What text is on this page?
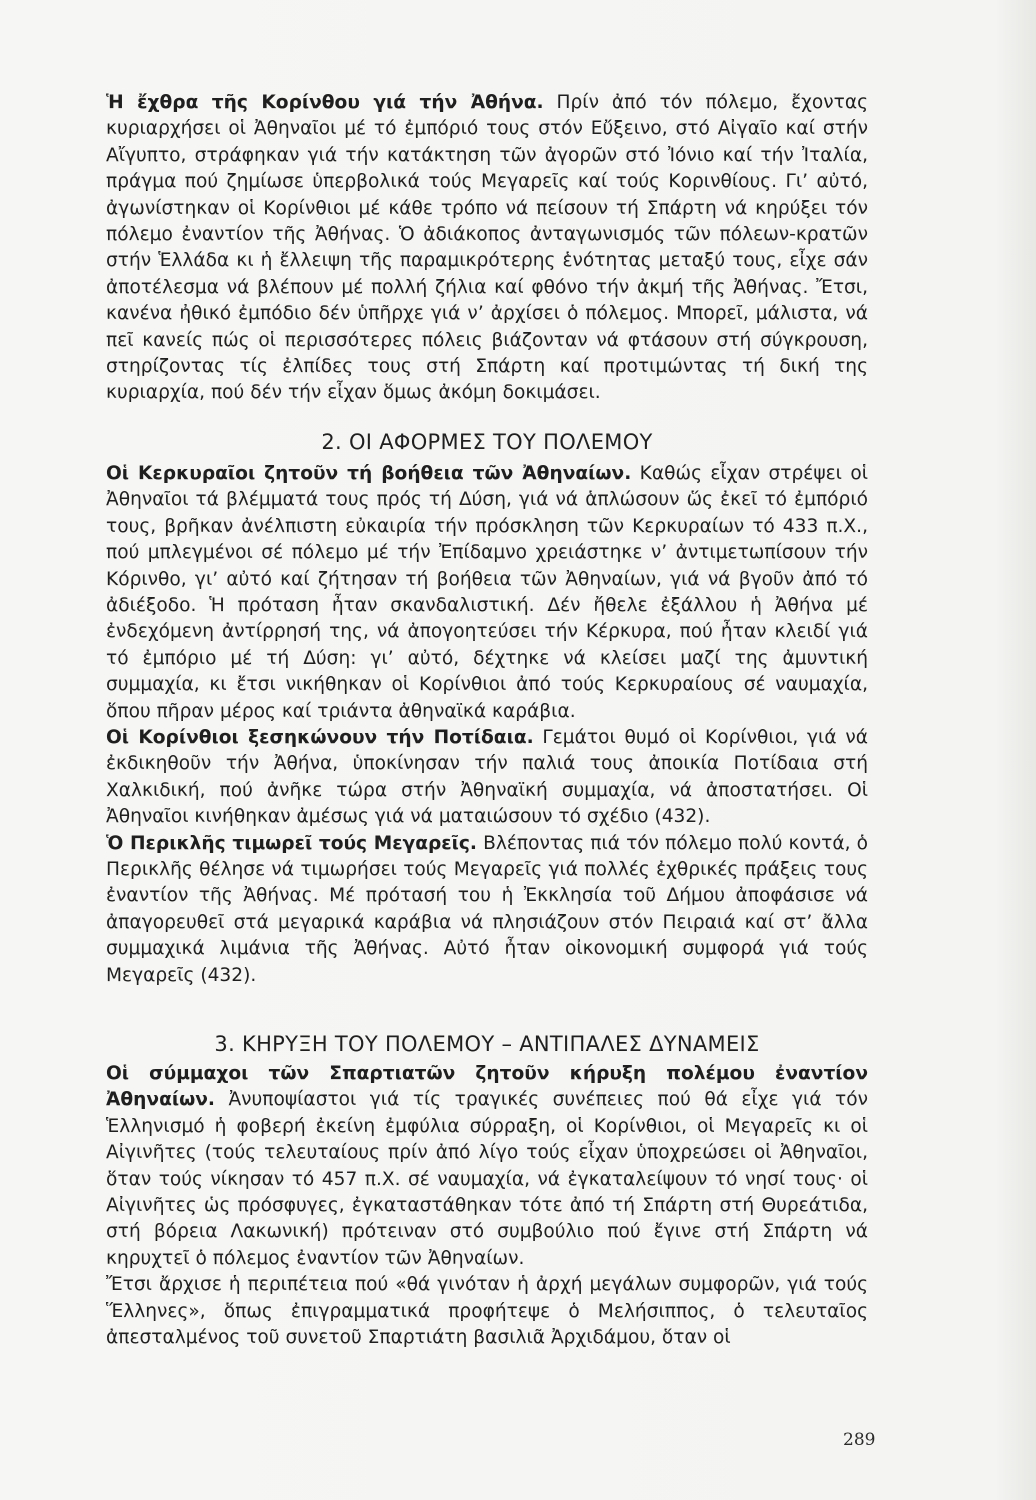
Ἡ ἔχθρα τῆς Κορίνθου γιά τήν Ἀθήνα. Πρίν ἀπό τόν πόλεμο, ἔχοντας κυριαρχήσει οἱ Ἀθηναῖοι μέ τό ἐμπόριό τους στόν Εὔξεινο, στό Αἰγαῖο καί στήν Αἴγυπτο, στράφηκαν γιά τήν κατάκτηση τῶν ἀγορῶν στό Ἰόνιο καί τήν Ἰταλία, πράγμα πού ζημίωσε ὑπερβολικά τούς Μεγαρεῖς καί τούς Κορινθίους. Γι’ αὐτό, ἀγωνίστηκαν οἱ Κορίνθιοι μέ κάθε τρόπο νά πείσουν τή Σπάρτη νά κηρύξει τόν πόλεμο ἐναντίον τῆς Ἀθήνας. Ὁ ἀδιάκοπος ἀνταγωνισμός τῶν πόλεων-κρατῶν στήν Ἑλλάδα κι ἡ ἔλλειψη τῆς παραμικρότερης ἑνότητας μεταξύ τους, εἶχε σάν ἀποτέλεσμα νά βλέπουν μέ πολλή ζήλια καί φθόνο τήν ἀκμή τῆς Ἀθήνας. Ἔτσι, κανένα ἠθικό ἐμπόδιο δέν ὑπῆρχε γιά ν’ ἀρχίσει ὁ πόλεμος. Μπορεῖ, μάλιστα, νά πεῖ κανείς πώς οἱ περισσότερες πόλεις βιάζονταν νά φτάσουν στή σύγκρουση, στηρίζοντας τίς ἐλπίδες τους στή Σπάρτη καί προτιμώντας τή δική της κυριαρχία, πού δέν τήν εἶχαν ὅμως ἀκόμη δοκιμάσει.

2. ΟΙ ΑΦΟΡΜΕΣ ΤΟΥ ΠΟΛΕΜΟΥ

Οἱ Κερκυραῖοι ζητοῦν τή βοήθεια τῶν Ἀθηναίων. Καθώς εἶχαν στρέψει οἱ Ἀθηναῖοι τά βλέμματά τους πρός τή Δύση, γιά νά ἁπλώσουν ὥς ἐκεῖ τό ἐμπόριό τους, βρῆκαν ἀνέλπιστη εὐκαιρία τήν πρόσκληση τῶν Κερκυραίων τό 433 π.Χ., πού μπλεγμένοι σέ πόλεμο μέ τήν Ἐπίδαμνο χρειάστηκε ν’ ἀντιμετωπίσουν τήν Κόρινθο, γι’ αὐτό καί ζήτησαν τή βοήθεια τῶν Ἀθηναίων, γιά νά βγοῦν ἀπό τό ἀδιέξοδο. Ἡ πρόταση ἦταν σκανδαλιστική. Δέν ἤθελε ἐξάλλου ἡ Ἀθήνα μέ ἐνδεχόμενη ἀντίρρησή της, νά ἀπογοητεύσει τήν Κέρκυρα, πού ἦταν κλειδί γιά τό ἐμπόριο μέ τή Δύση: γι’ αὐτό, δέχτηκε νά κλείσει μαζί της ἀμυντική συμμαχία, κι ἔτσι νικήθηκαν οἱ Κορίνθιοι ἀπό τούς Κερκυραίους σέ ναυμαχία, ὅπου πῆραν μέρος καί τριάντα ἀθηναϊκά καράβια.

Οἱ Κορίνθιοι ξεσηκώνουν τήν Ποτίδαια. Γεμάτοι θυμό οἱ Κορίνθιοι, γιά νά ἐκδικηθοῦν τήν Ἀθήνα, ὑποκίνησαν τήν παλιά τους ἀποικία Ποτίδαια στή Χαλκιδική, πού ἀνῆκε τώρα στήν Ἀθηναϊκή συμμαχία, νά ἀποστατήσει. Οἱ Ἀθηναῖοι κινήθηκαν ἀμέσως γιά νά ματαιώσουν τό σχέδιο (432).

Ὁ Περικλῆς τιμωρεῖ τούς Μεγαρεῖς. Βλέποντας πιά τόν πόλεμο πολύ κοντά, ὁ Περικλῆς θέλησε νά τιμωρήσει τούς Μεγαρεῖς γιά πολλές ἐχθρικές πράξεις τους ἐναντίον τῆς Ἀθήνας. Μέ πρότασή του ἡ Ἐκκλησία τοῦ Δήμου ἀποφάσισε νά ἀπαγορευθεῖ στά μεγαρικά καράβια νά πλησιάζουν στόν Πειραιά καί στ’ ἄλλα συμμαχικά λιμάνια τῆς Ἀθήνας. Αὐτό ἦταν οἰκονομική συμφορά γιά τούς Μεγαρεῖς (432).

3. ΚΗΡΥΞΗ ΤΟΥ ΠΟΛΕΜΟΥ – ΑΝΤΙΠΑΛΕΣ ΔΥΝΑΜΕΙΣ

Οἱ σύμμαχοι τῶν Σπαρτιατῶν ζητοῦν κήρυξη πολέμου ἐναντίον Ἀθηναίων. Ἀνυποψίαστοι γιά τίς τραγικές συνέπειες πού θά εἶχε γιά τόν Ἑλληνισμό ἡ φοβερή ἐκείνη ἐμφύλια σύρραξη, οἱ Κορίνθιοι, οἱ Μεγαρεῖς κι οἱ Αἰγινῆτες (τούς τελευταίους πρίν ἀπό λίγο τούς εἶχαν ὑποχρεώσει οἱ Ἀθηναῖοι, ὅταν τούς νίκησαν τό 457 π.Χ. σέ ναυμαχία, νά ἐγκαταλείψουν τό νησί τους· οἱ Αἰγινῆτες ὡς πρόσφυγες, ἐγκαταστάθηκαν τότε ἀπό τή Σπάρτη στή Θυρεάτιδα, στή βόρεια Λακωνική) πρότειναν στό συμβούλιο πού ἔγινε στή Σπάρτη νά κηρυχτεῖ ὁ πόλεμος ἐναντίον τῶν Ἀθηναίων.

Ἔτσι ἄρχισε ἡ περιπέτεια πού «θά γινόταν ἡ ἀρχή μεγάλων συμφορῶν, γιά τούς Ἕλληνες», ὅπως ἐπιγραμματικά προφήτεψε ὁ Μελήσιππος, ὁ τελευταῖος ἀπεσταλμένος τοῦ συνετοῦ Σπαρτιάτη βασιλιᾶ Ἀρχιδάμου, ὅταν οἱ

289
